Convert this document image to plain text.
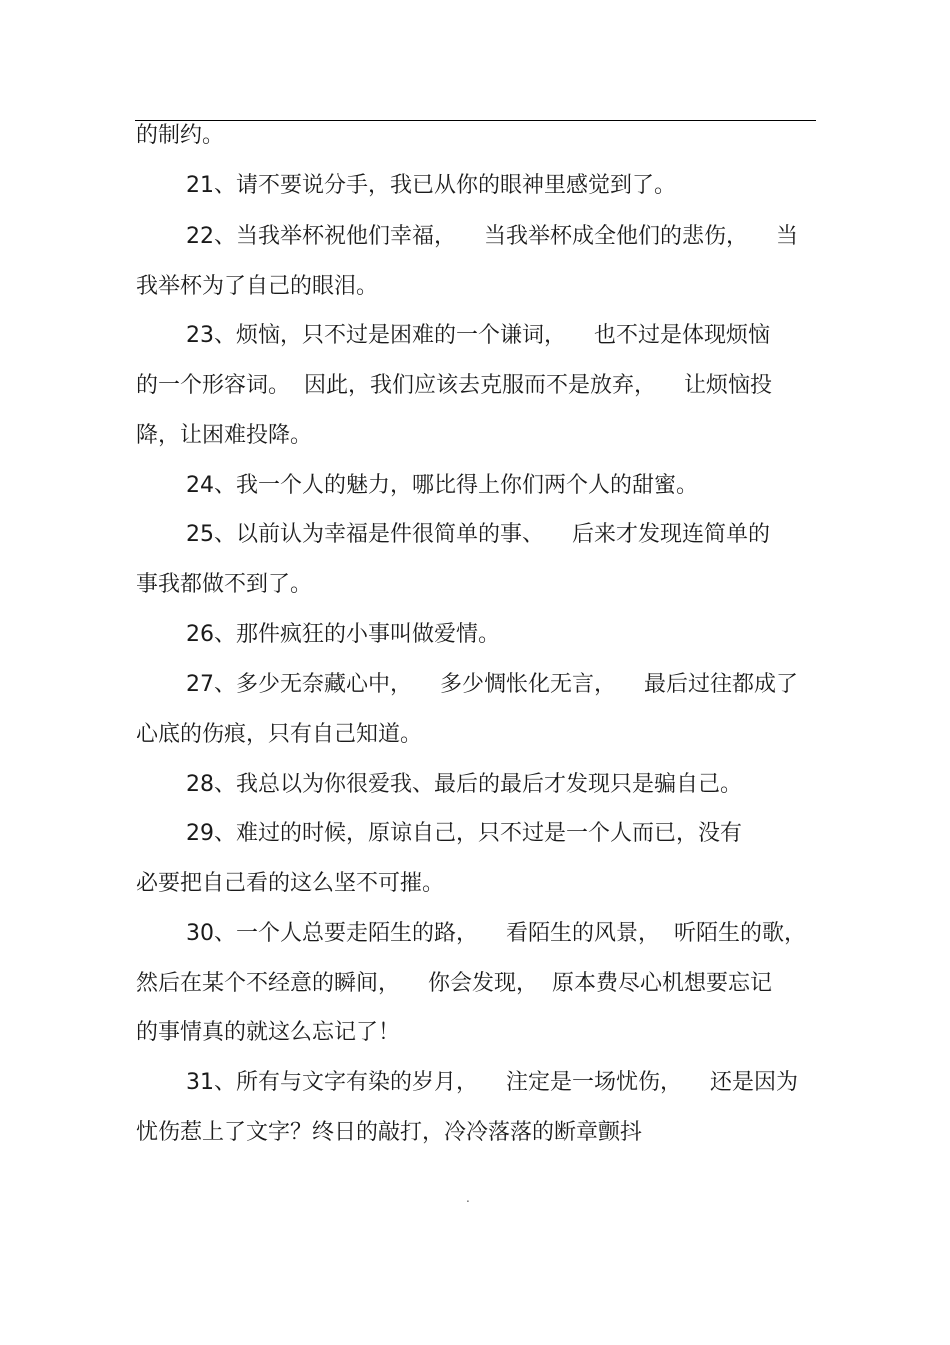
的制约。
21、请不要说分手，我已从你的眼神里感觉到了。
22、当我举杯祝他们幸福，    当我举杯成全他们的悲伤，    当
我举杯为了自己的眼泪。
23、烦恼，只不过是困难的一个谦词，    也不过是体现烦恼
的一个形容词。  因此，我们应该去克服而不是放弃，    让烦恼投
降，让困难投降。
24、我一个人的魅力，哪比得上你们两个人的甜蜜。
25、以前认为幸福是件很简单的事、    后来才发现连简单的
事我都做不到了。
26、那件疯狂的小事叫做爱情。
27、多少无奈藏心中，    多少惆怅化无言，    最后过往都成了
心底的伤痕，只有自己知道。
28、我总以为你很爱我、最后的最后才发现只是骗自己。
29、难过的时候，原谅自己，只不过是一个人而已，没有
必要把自己看的这么坚不可摧。
30、一个人总要走陌生的路，    看陌生的风景，  听陌生的歌，
然后在某个不经意的瞬间，    你会发现，  原本费尽心机想要忘记
的事情真的就这么忘记了！
31、所有与文字有染的岁月，    注定是一场忧伤，    还是因为
忧伤惹上了文字？终日的敲打，冷冷落落的断章颤抖
.
